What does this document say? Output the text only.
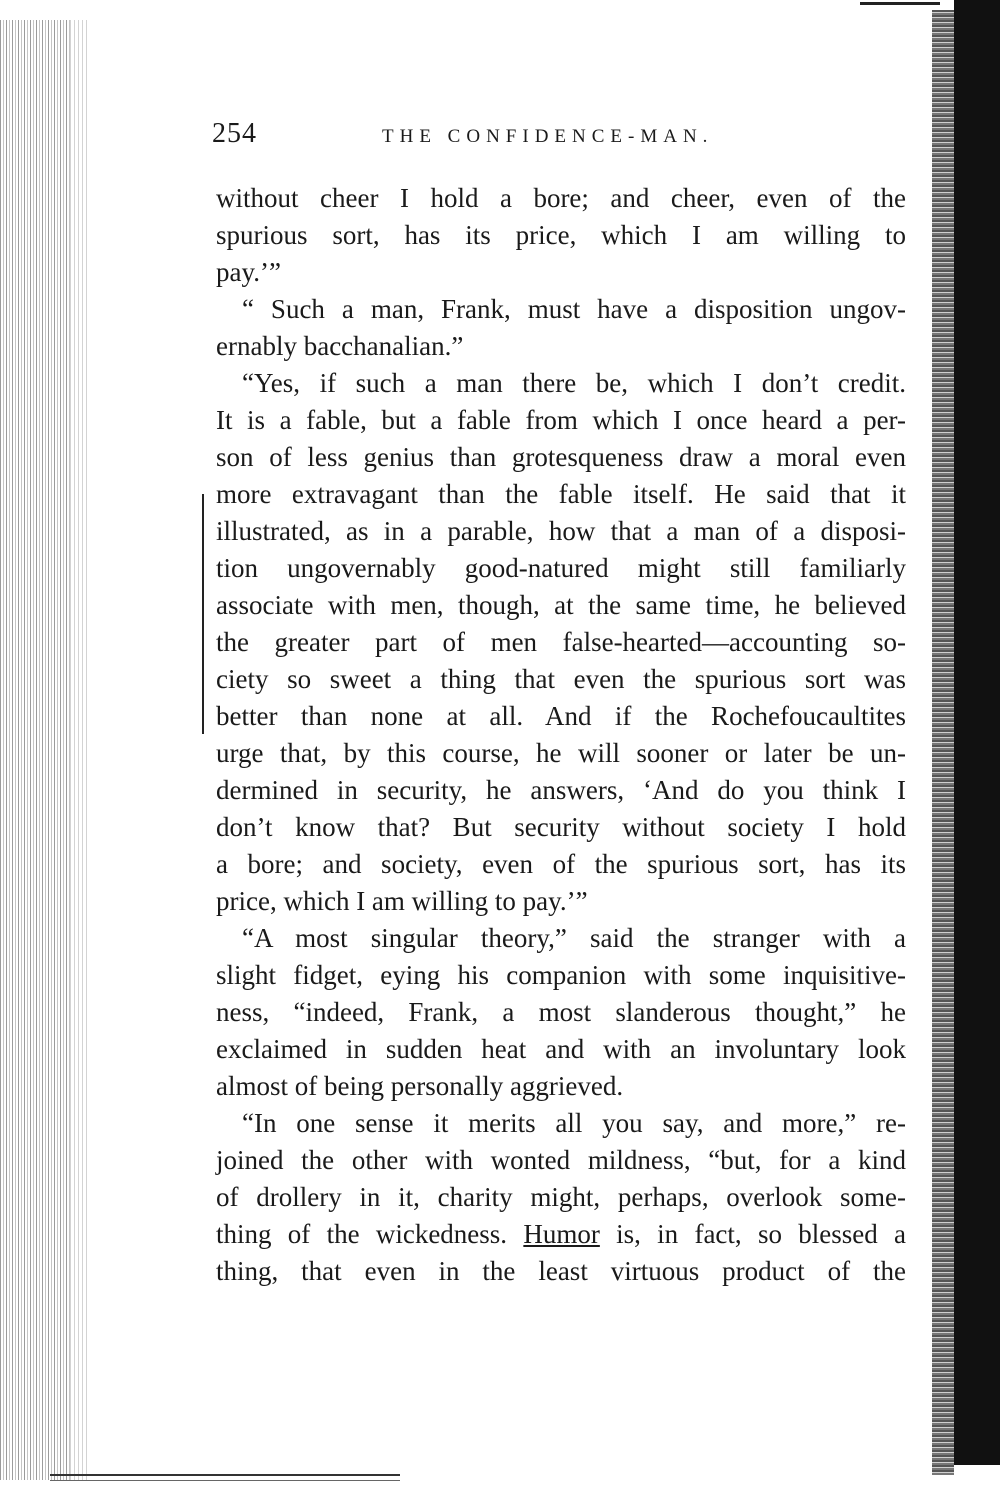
254	THE CONFIDENCE-MAN.
without cheer I hold a bore; and cheer, even of the
spurious sort, has its price, which I am willing to
pay.’”
“ Such a man, Frank, must have a disposition ungov-
ernably bacchanalian.”
“Yes, if such a man there be, which I don’t credit.
It is a fable, but a fable from which I once heard a per-
son of less genius than grotesqueness draw a moral even
more extravagant than the fable itself. He said that it
illustrated, as in a parable, how that a man of a disposi-
tion ungovernably good-natured might still familiarly
associate with men, though, at the same time, he believed
the greater part of men false-hearted—accounting so-
ciety so sweet a thing that even the spurious sort was
better than none at all. And if the Rochefoucaultites
urge that, by this course, he will sooner or later be un-
dermined in security, he answers, ‘And do you think I
don’t know that? But security without society I hold
a bore; and society, even of the spurious sort, has its
price, which I am willing to pay.’”
“A most singular theory,” said the stranger with a
slight fidget, eying his companion with some inquisitive-
ness, “indeed, Frank, a most slanderous thought,” he
exclaimed in sudden heat and with an involuntary look
almost of being personally aggrieved.
“In one sense it merits all you say, and more,” re-
joined the other with wonted mildness, “but, for a kind
of drollery in it, charity might, perhaps, overlook some-
thing of the wickedness. Humor is, in fact, so blessed a
thing, that even in the least virtuous product of the
